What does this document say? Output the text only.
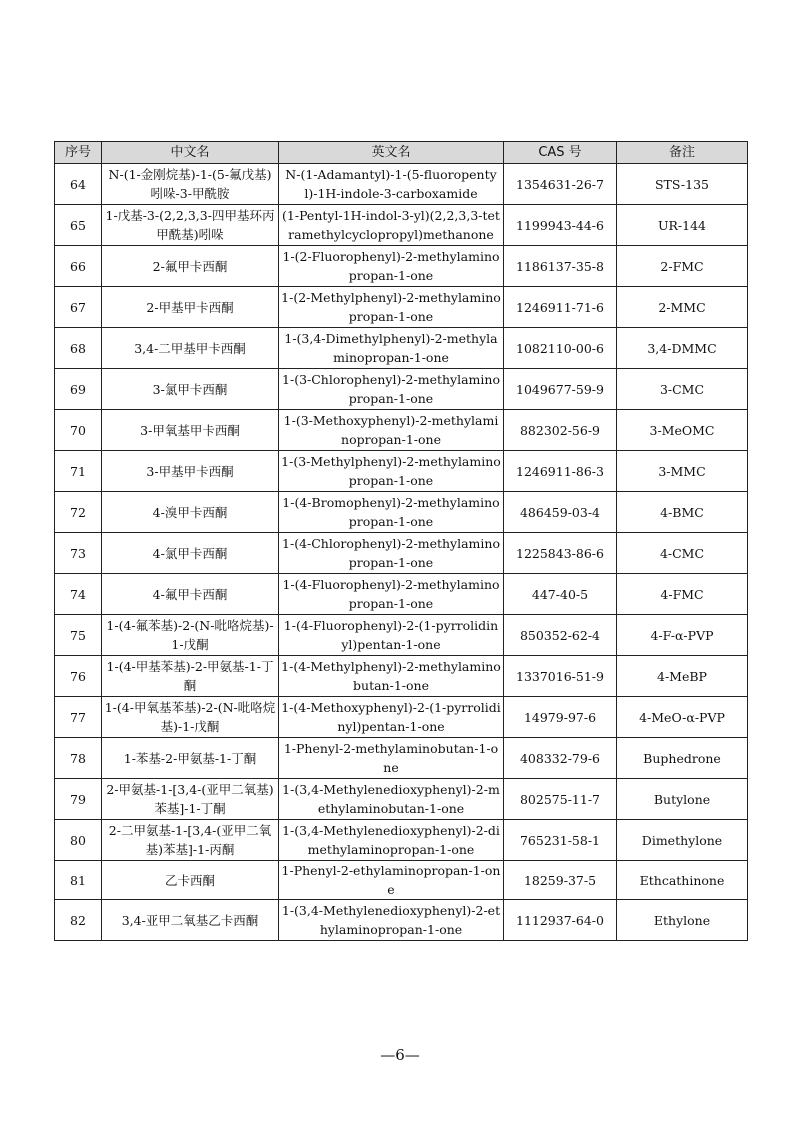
序号	中文名	英文名	CAS 号	备注
64	N-(1-金刚烷基)-1-(5-氟戊基)吲哚-3-甲酰胺	N-(1-Adamantyl)-1-(5-fluoropentyl)-1H-indole-3-carboxamide	1354631-26-7	STS-135
65	1-戊基-3-(2,2,3,3-四甲基环丙甲酰基)吲哚	(1-Pentyl-1H-indol-3-yl)(2,2,3,3-tetramethylcyclopropyl)methanone	1199943-44-6	UR-144
66	2-氟甲卡西酮	1-(2-Fluorophenyl)-2-methylaminopropan-1-one	1186137-35-8	2-FMC
67	2-甲基甲卡西酮	1-(2-Methylphenyl)-2-methylaminopropan-1-one	1246911-71-6	2-MMC
68	3,4-二甲基甲卡西酮	1-(3,4-Dimethylphenyl)-2-methylaminopropan-1-one	1082110-00-6	3,4-DMMC
69	3-氯甲卡西酮	1-(3-Chlorophenyl)-2-methylaminopropan-1-one	1049677-59-9	3-CMC
70	3-甲氧基甲卡西酮	1-(3-Methoxyphenyl)-2-methylaminopropan-1-one	882302-56-9	3-MeOMC
71	3-甲基甲卡西酮	1-(3-Methylphenyl)-2-methylaminopropan-1-one	1246911-86-3	3-MMC
72	4-溴甲卡西酮	1-(4-Bromophenyl)-2-methylaminopropan-1-one	486459-03-4	4-BMC
73	4-氯甲卡西酮	1-(4-Chlorophenyl)-2-methylaminopropan-1-one	1225843-86-6	4-CMC
74	4-氟甲卡西酮	1-(4-Fluorophenyl)-2-methylaminopropan-1-one	447-40-5	4-FMC
75	1-(4-氟苯基)-2-(N-吡咯烷基)-1-戊酮	1-(4-Fluorophenyl)-2-(1-pyrrolidinyl)pentan-1-one	850352-62-4	4-F-α-PVP
76	1-(4-甲基苯基)-2-甲氨基-1-丁酮	1-(4-Methylphenyl)-2-methylaminobutan-1-one	1337016-51-9	4-MeBP
77	1-(4-甲氧基苯基)-2-(N-吡咯烷基)-1-戊酮	1-(4-Methoxyphenyl)-2-(1-pyrrolidinyl)pentan-1-one	14979-97-6	4-MeO-α-PVP
78	1-苯基-2-甲氨基-1-丁酮	1-Phenyl-2-methylaminobutan-1-one	408332-79-6	Buphedrone
79	2-甲氨基-1-[3,4-(亚甲二氧基)苯基]-1-丁酮	1-(3,4-Methylenedioxyphenyl)-2-methylaminobutan-1-one	802575-11-7	Butylone
80	2-二甲氨基-1-[3,4-(亚甲二氧基)苯基]-1-丙酮	1-(3,4-Methylenedioxyphenyl)-2-dimethylaminopropan-1-one	765231-58-1	Dimethylone
81	乙卡西酮	1-Phenyl-2-ethylaminopropan-1-one	18259-37-5	Ethcathinone
82	3,4-亚甲二氧基乙卡西酮	1-(3,4-Methylenedioxyphenyl)-2-ethylaminopropan-1-one	1112937-64-0	Ethylone
—6—
